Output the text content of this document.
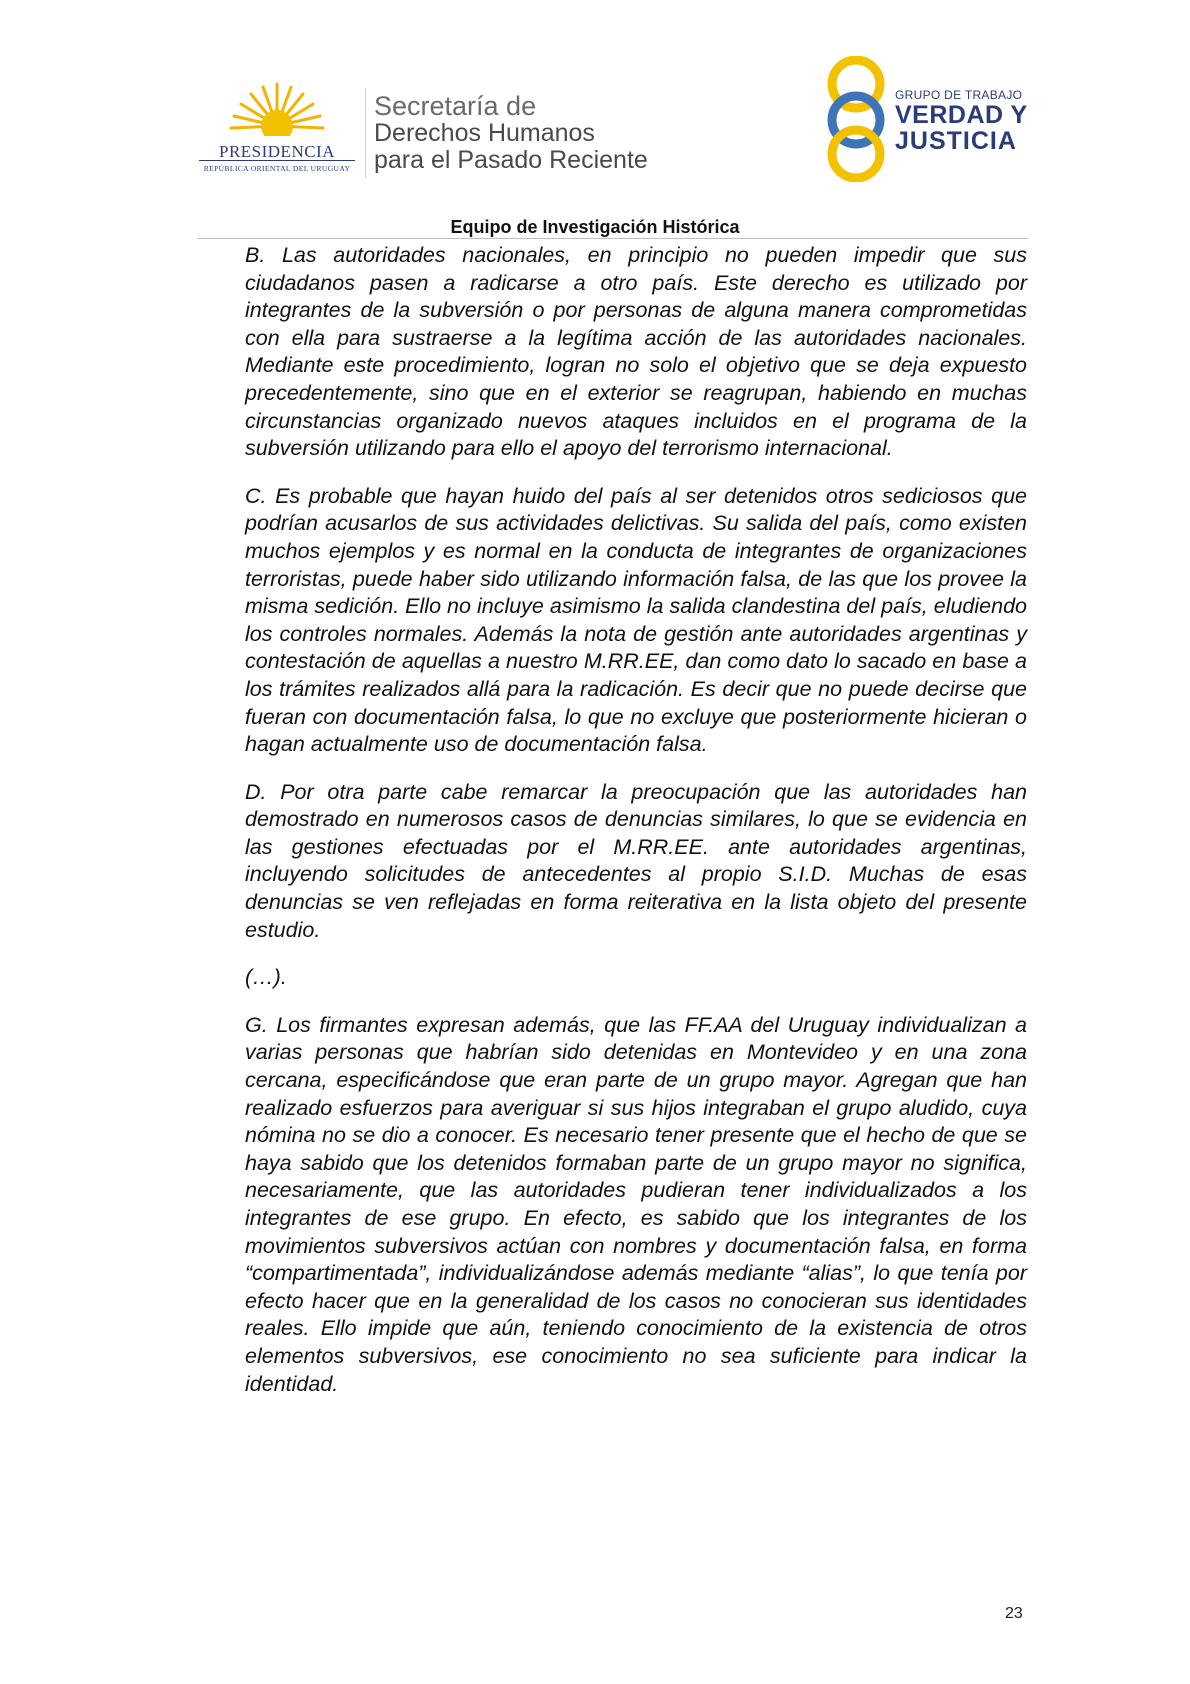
PRESIDENCIA
REPÚBLICA ORIENTAL DEL URUGUAY
Secretaría de
Derechos Humanos
para el Pasado Reciente
GRUPO DE TRABAJO
VERDAD Y
JUSTICIA
Equipo de Investigación Histórica

B. Las autoridades nacionales, en principio no pueden impedir que sus ciudadanos pasen a radicarse a otro país. Este derecho es utilizado por integrantes de la subversión o por personas de alguna manera comprometidas con ella para sustraerse a la legítima acción de las autoridades nacionales. Mediante este procedimiento, logran no solo el objetivo que se deja expuesto precedentemente, sino que en el exterior se reagrupan, habiendo en muchas circunstancias organizado nuevos ataques incluidos en el programa de la subversión utilizando para ello el apoyo del terrorismo internacional.

C. Es probable que hayan huido del país al ser detenidos otros sediciosos que podrían acusarlos de sus actividades delictivas. Su salida del país, como existen muchos ejemplos y es normal en la conducta de integrantes de organizaciones terroristas, puede haber sido utilizando información falsa, de las que los provee la misma sedición. Ello no incluye asimismo la salida clandestina del país, eludiendo los controles normales. Además la nota de gestión ante autoridades argentinas y contestación de aquellas a nuestro M.RR.EE, dan como dato lo sacado en base a los trámites realizados allá para la radicación. Es decir que no puede decirse que fueran con documentación falsa, lo que no excluye que posteriormente hicieran o hagan actualmente uso de documentación falsa.

D. Por otra parte cabe remarcar la preocupación que las autoridades han demostrado en numerosos casos de denuncias similares, lo que se evidencia en las gestiones efectuadas por el M.RR.EE. ante autoridades argentinas, incluyendo solicitudes de antecedentes al propio S.I.D. Muchas de esas denuncias se ven reflejadas en forma reiterativa en la lista objeto del presente estudio.

(…).

G. Los firmantes expresan además, que las FF.AA del Uruguay individualizan a varias personas que habrían sido detenidas en Montevideo y en una zona cercana, especificándose que eran parte de un grupo mayor. Agregan que han realizado esfuerzos para averiguar si sus hijos integraban el grupo aludido, cuya nómina no se dio a conocer. Es necesario tener presente que el hecho de que se haya sabido que los detenidos formaban parte de un grupo mayor no significa, necesariamente, que las autoridades pudieran tener individualizados a los integrantes de ese grupo. En efecto, es sabido que los integrantes de los movimientos subversivos actúan con nombres y documentación falsa, en forma “compartimentada”, individualizándose además mediante “alias”, lo que tenía por efecto hacer que en la generalidad de los casos no conocieran sus identidades reales. Ello impide que aún, teniendo conocimiento de la existencia de otros elementos subversivos, ese conocimiento no sea suficiente para indicar la identidad.

23
